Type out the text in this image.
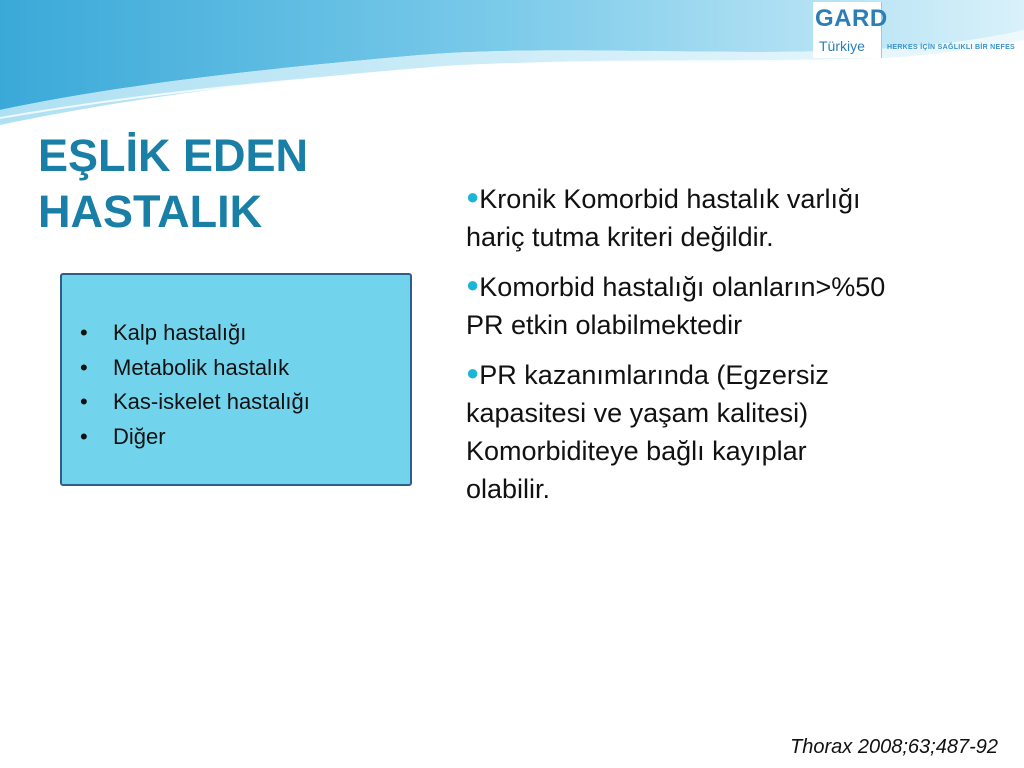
GARD
Türkiye	HERKES İÇİN SAĞLIKLI BİR NEFES
EŞLİK EDEN
HASTALIK
• Kalp hastalığı
• Metabolik hastalık
• Kas-iskelet hastalığı
• Diğer
●Kronik Komorbid hastalık varlığı
hariç tutma kriteri değildir.
●Komorbid hastalığı olanların>%50
PR etkin olabilmektedir
●PR kazanımlarında (Egzersiz
kapasitesi ve yaşam kalitesi)
Komorbiditeye bağlı kayıplar
olabilir.
Thorax 2008;63;487-92
